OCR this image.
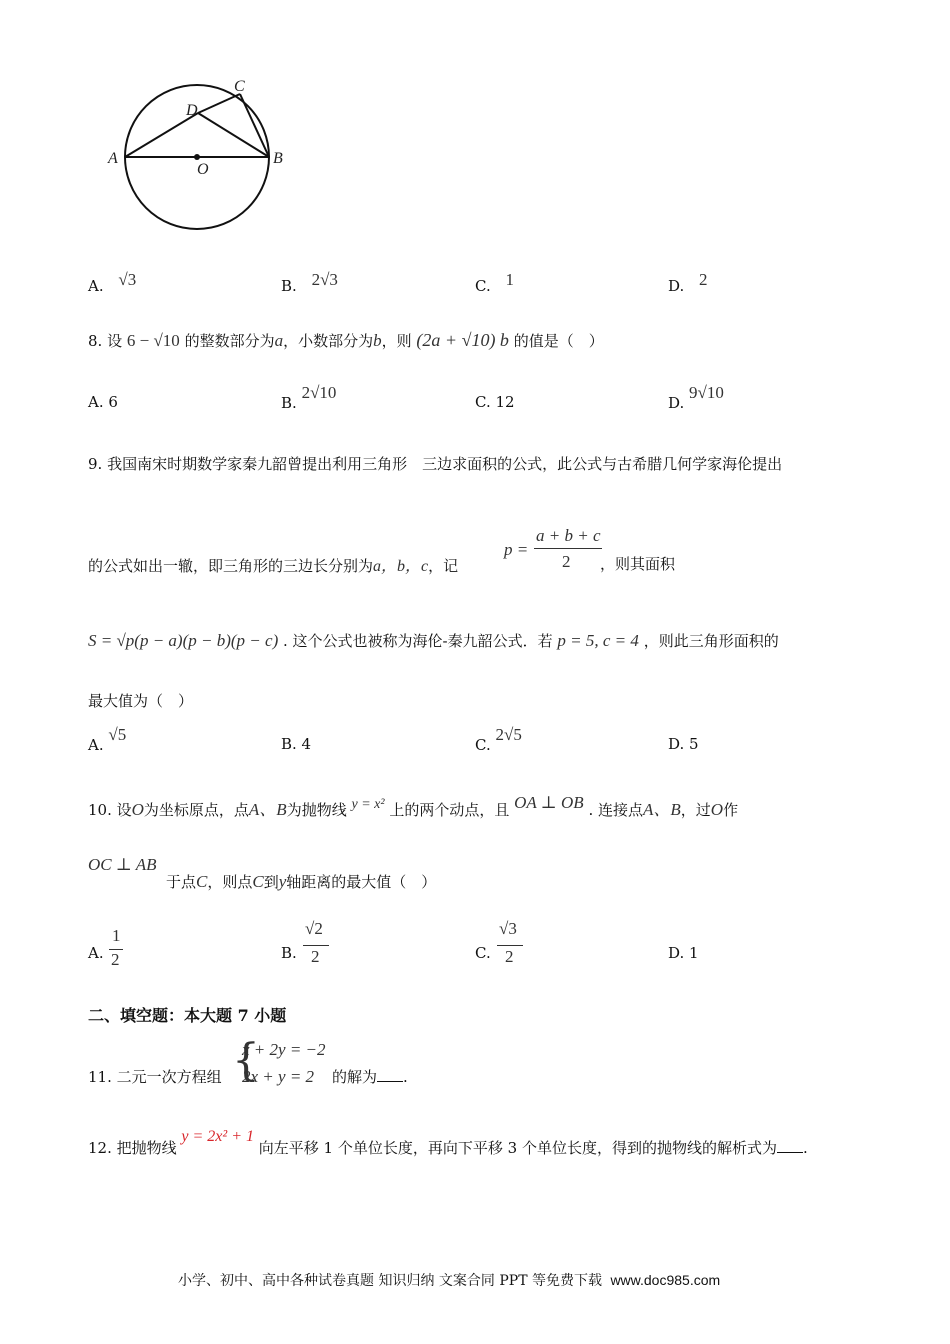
A	B
C
D
O
A. √3	B. 2√3	C. 1	D. 2
8. 设 6 − √10 的整数部分为a，小数部分为b，则 (2a + √10) b 的值是（　）
A. 6	B. 2√10	C. 12	D. 9√10
9. 我国南宋时期数学家秦九韶曾提出利用三角形　三边求面积的公式，此公式与古希腊几何学家海伦提出
的公式如出一辙，即三角形的三边长分别为a，b，c，记
p =
a + b + c
2 ，则其面积
S = √p(p − a)(p − b)(p − c) . 这个公式也被称为海伦-秦九韶公式．若 p = 5, c = 4 ，则此三角形面积的
最大值为（　）
A. √5	B. 4	C. 2√5	D. 5
10. 设O为坐标原点，点A、B为抛物线 y = x² 上的两个动点，且 OA ⊥ OB . 连接点A、B，过O作
OC ⊥ AB
于点C，则点C到y轴距离的最大值（　）
A.
1
2	B.
√2
2	C.
√3
2	D. 1
二、填空题：本大题 7 小题
11. 二元一次方程组 {
x + 2y = −2
2x + y = 2 的解为 .
12. 把抛物线 y = 2x² + 1 向左平移 1 个单位长度，再向下平移 3 个单位长度，得到的抛物线的解析式为 .
小学、初中、高中各种试卷真题 知识归纳 文案合同 PPT 等免费下载 www.doc985.com
